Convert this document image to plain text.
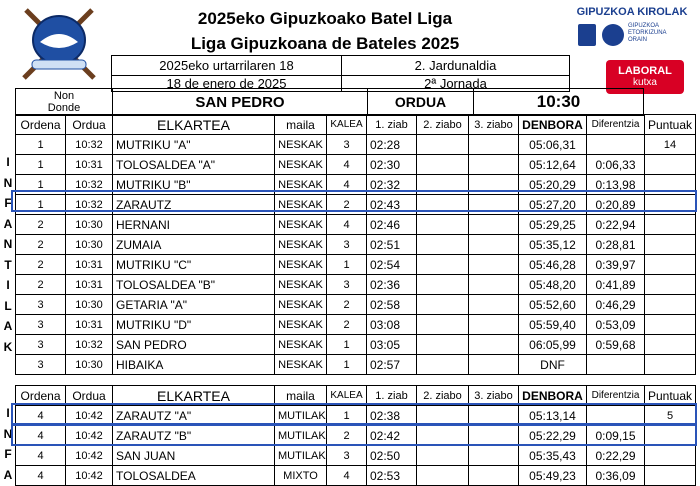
2025eko Gipuzkoako Batel Liga
Liga Gipuzkoana de Bateles 2025
GIPUZKOA KIROLAK
GIPUZKOA
ETORKIZUNA
ORAIN
LABORAL
kutxa
2025eko urtarrilaren 18	2. Jardunaldia
18 de enero de 2025	2ª Jornada
Non
Donde	SAN PEDRO	ORDUA	10:30
Ordena	Ordua	ELKARTEA	maila	KALEA	1. ziab	2. ziabo	3. ziabo	DENBORA	Diferentzia	Puntuak
1	10:32	MUTRIKU "A"	NESKAK	3	02:28			05:06,31		14
1	10:31	TOLOSALDEA "A"	NESKAK	4	02:30			05:12,64	0:06,33	
1	10:32	MUTRIKU "B"	NESKAK	4	02:32			05:20,29	0:13,98	
1	10:32	ZARAUTZ	NESKAK	2	02:43			05:27,20	0:20,89	
2	10:30	HERNANI	NESKAK	4	02:46			05:29,25	0:22,94	
2	10:30	ZUMAIA	NESKAK	3	02:51			05:35,12	0:28,81	
2	10:31	MUTRIKU "C"	NESKAK	1	02:54			05:46,28	0:39,97	
2	10:31	TOLOSALDEA "B"	NESKAK	3	02:36			05:48,20	0:41,89	
3	10:30	GETARIA "A"	NESKAK	2	02:58			05:52,60	0:46,29	
3	10:31	MUTRIKU "D"	NESKAK	2	03:08			05:59,40	0:53,09	
3	10:32	SAN PEDRO	NESKAK	1	03:05			06:05,99	0:59,68	
3	10:30	HIBAIKA	NESKAK	1	02:57			DNF		
Ordena	Ordua	ELKARTEA	maila	KALEA	1. ziab	2. ziabo	3. ziabo	DENBORA	Diferentzia	Puntuak
4	10:42	ZARAUTZ "A"	MUTILAK	1	02:38			05:13,14		5
4	10:42	ZARAUTZ "B"	MUTILAK	2	02:42			05:22,29	0:09,15	
4	10:42	SAN JUAN	MUTILAK	3	02:50			05:35,43	0:22,29	
4	10:42	TOLOSALDEA	MIXTO	4	02:53			05:49,23	0:36,09	
I
N
F
A
N
T
I
L
A
K
I
N
F
A
